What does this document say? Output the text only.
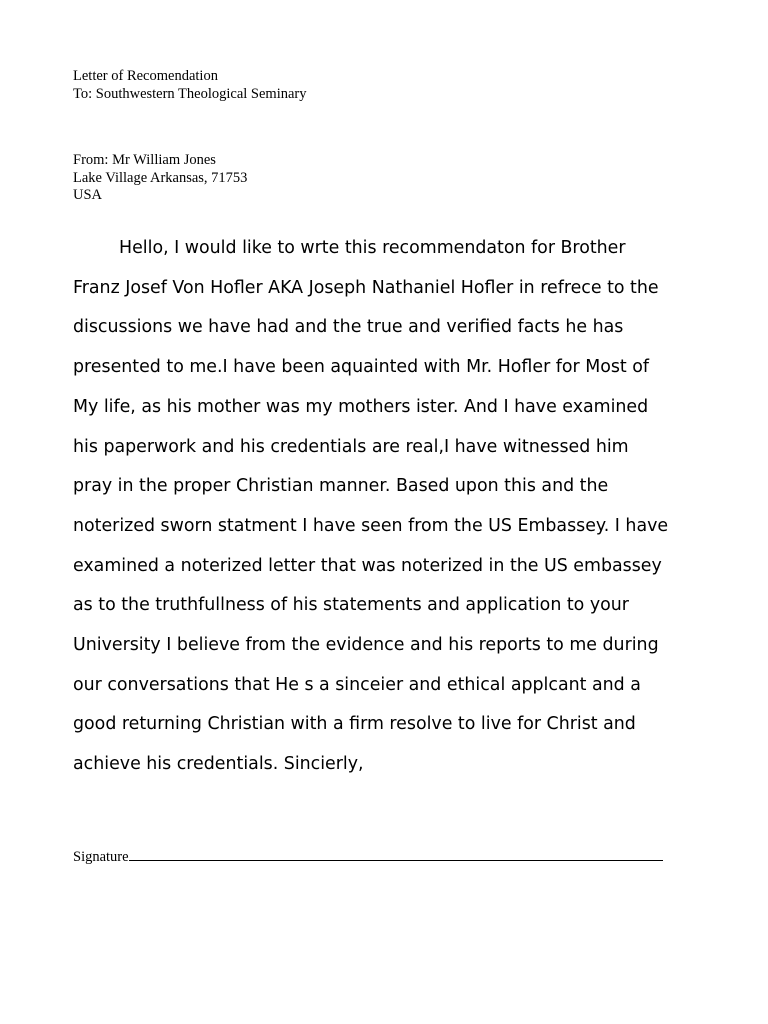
Letter of Recomendation
To: Southwestern Theological Seminary
From: Mr William Jones
Lake Village Arkansas, 71753
USA
Hello, I would like to wrte this recommendaton for Brother
Franz Josef Von Hofler AKA Joseph Nathaniel Hofler in refrece to the
discussions we have had and the true and verified facts he has
presented to me.I have been aquainted with Mr. Hofler for Most of
My life, as his mother was my mothers ister. And I have examined
his paperwork and his credentials are real,I have witnessed him
pray in the proper Christian manner. Based upon this and the
noterized sworn statment I have seen from the US Embassey. I have
examined a noterized letter that was noterized in the US embassey
as to the truthfullness of his statements and application to your
University I believe from the evidence and his reports to me during
our conversations that He s a sinceier and ethical applcant and a
good returning Christian with a firm resolve to live for Christ and
achieve his credentials. Sincierly,
Signature
